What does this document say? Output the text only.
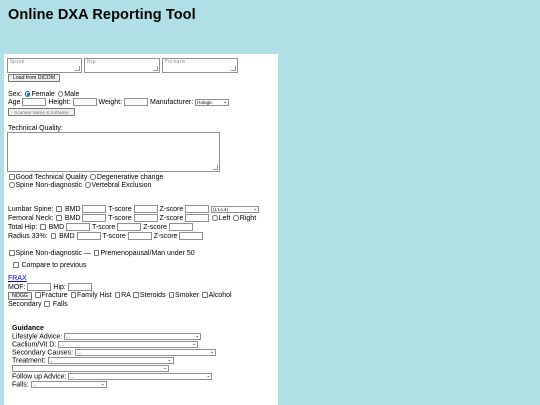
Online DXA Reporting Tool
Spine	Hip	Forearm
Load from DICOM
Sex: Female Male
Age	Height:	Weight:	Manufacturer: Hologic ⌄
Scanner Name & Software
Technical Quality:
Good Technical Quality Degenerative change
Spine Non-diagnostic Vertebral Exclusion
Lumbar Spine: BMD	T-score	Z-score	(L1-L4)	⌄
Femoral Neck: BMD	T-score	Z-score	Left Right
Total Hip: BMD	T-score	Z-score
Radius 33%: BMD	T-score	Z-score
Spine Non-diagnostic — Premenopausal/Man under 50
Compare to previous
FRAX
MOF:	Hip:
NOGG	Fracture Family Hist RA Steroids Smoker Alcohol
Secondary Falls
Guidance
Lifestyle Advice: ...	⌄
Caclium/Vit D: ...	⌄
Secondary Causes: ...	⌄
Treatment: ...	⌄
⌄
Follow up Advice: ...	⌄
Falls: ...	⌄
